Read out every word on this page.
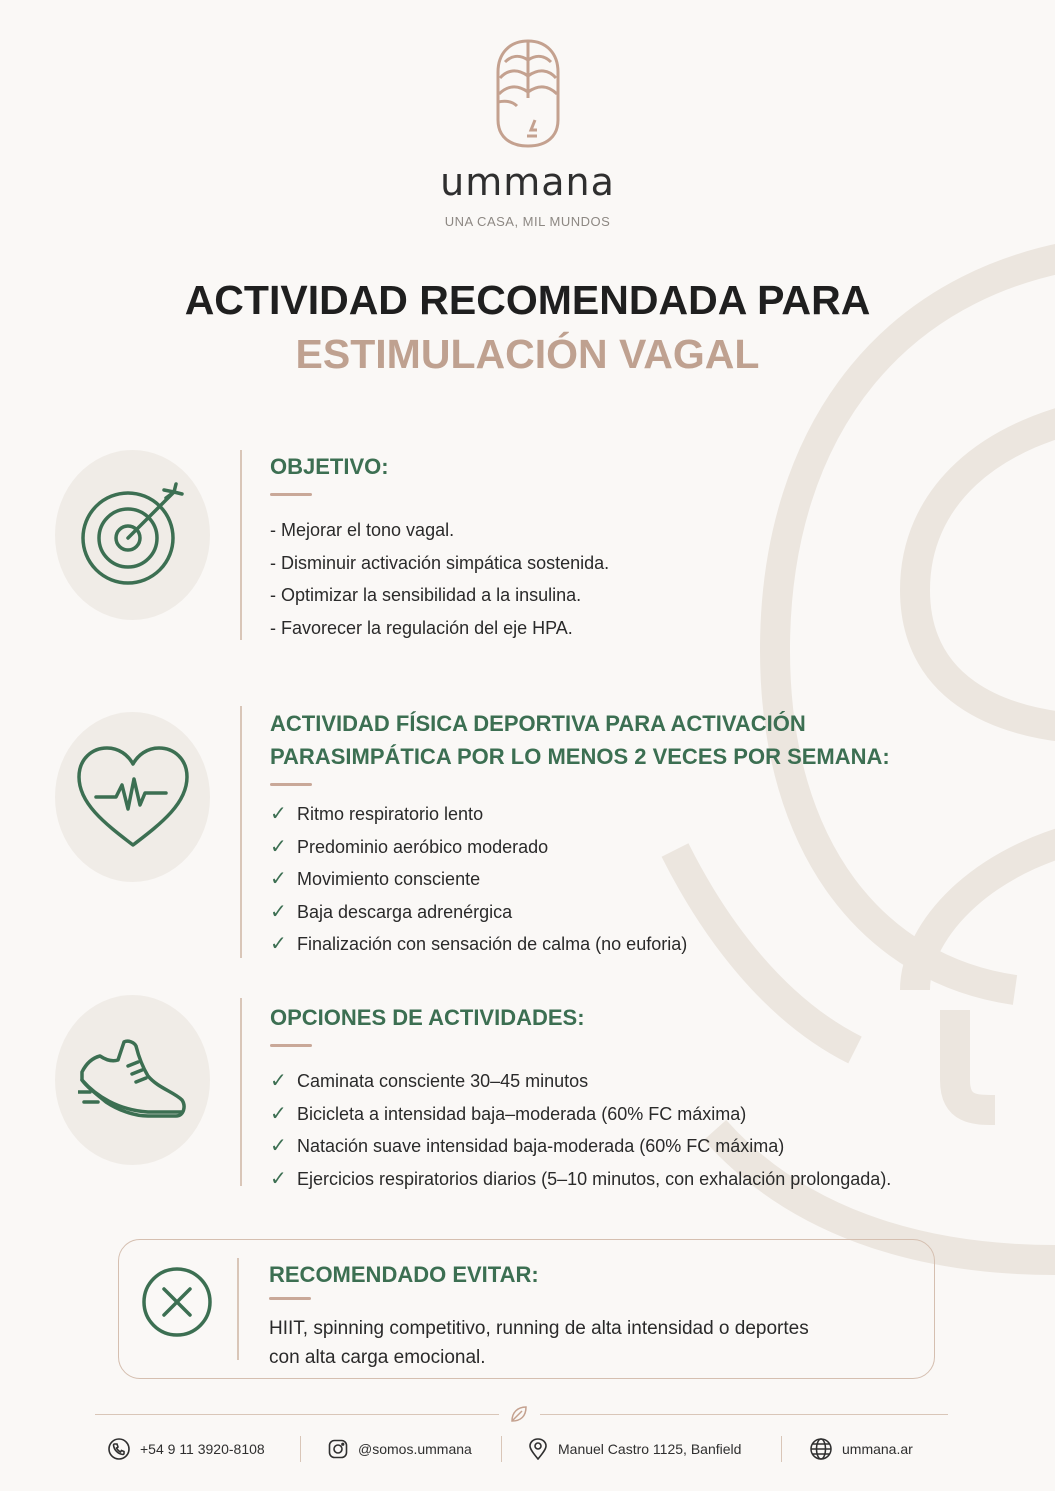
ummana
UNA CASA, MIL MUNDOS
ACTIVIDAD RECOMENDADA PARA
ESTIMULACIÓN VAGAL
OBJETIVO:
- Mejorar el tono vagal.
- Disminuir activación simpática sostenida.
- Optimizar la sensibilidad a la insulina.
- Favorecer la regulación del eje HPA.
ACTIVIDAD FÍSICA DEPORTIVA PARA ACTIVACIÓN
PARASIMPÁTICA POR LO MENOS 2 VECES POR SEMANA:
✓ Ritmo respiratorio lento
✓ Predominio aeróbico moderado
✓ Movimiento consciente
✓ Baja descarga adrenérgica
✓ Finalización con sensación de calma (no euforia)
OPCIONES DE ACTIVIDADES:
✓ Caminata consciente 30–45 minutos
✓ Bicicleta a intensidad baja–moderada (60% FC máxima)
✓ Natación suave intensidad baja-moderada (60% FC máxima)
✓ Ejercicios respiratorios diarios (5–10 minutos, con exhalación prolongada).
RECOMENDADO EVITAR:
HIIT, spinning competitivo, running de alta intensidad o deportes
con alta carga emocional.
+54 9 11 3920-8108	@somos.ummana	Manuel Castro 1125, Banfield	ummana.ar
